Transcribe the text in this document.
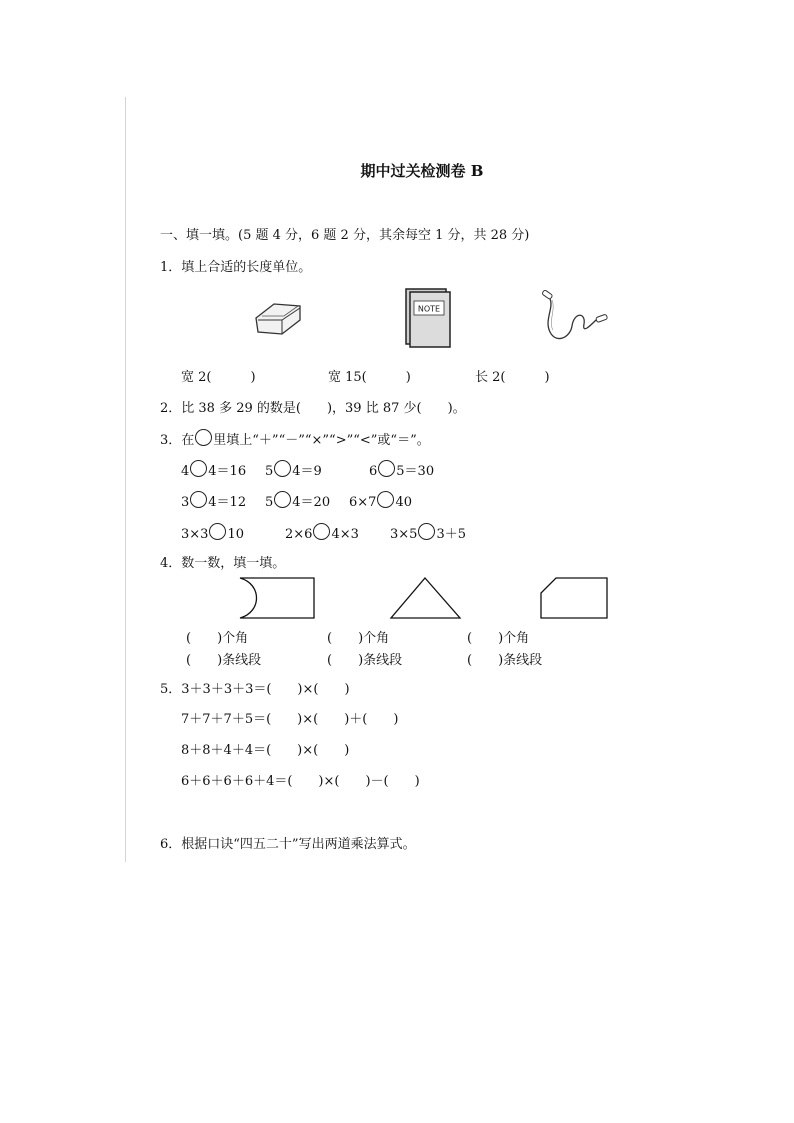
期中过关检测卷 B
一、填一填。(5 题 4 分，6 题 2 分，其余每空 1 分，共 28 分)
1．填上合适的长度单位。
NOTE
宽 2(　　　)	宽 15(　　　)	长 2(　　　)
2．比 38 多 29 的数是(　　)，39 比 87 少(　　)。
3．在 里填上“＋”“－”“×”“>”“<”或“＝”。
4 4＝16 5 4＝9	6 5＝30
3 4＝12 5 4＝20 6×7 40
3×3 10	2×6 4×3 3×5 3＋5
4．数一数，填一填。
(　　)个角	(　　)个角	(　　)个角
(　　)条线段	(　　)条线段	(　　)条线段
5．3＋3＋3＋3＝(　　)×(　　)
7＋7＋7＋5＝(　　)×(　　)＋(　　)
8＋8＋4＋4＝(　　)×(　　)
6＋6＋6＋6＋4＝(　　)×(　　)－(　　)
6．根据口诀“四五二十”写出两道乘法算式。
